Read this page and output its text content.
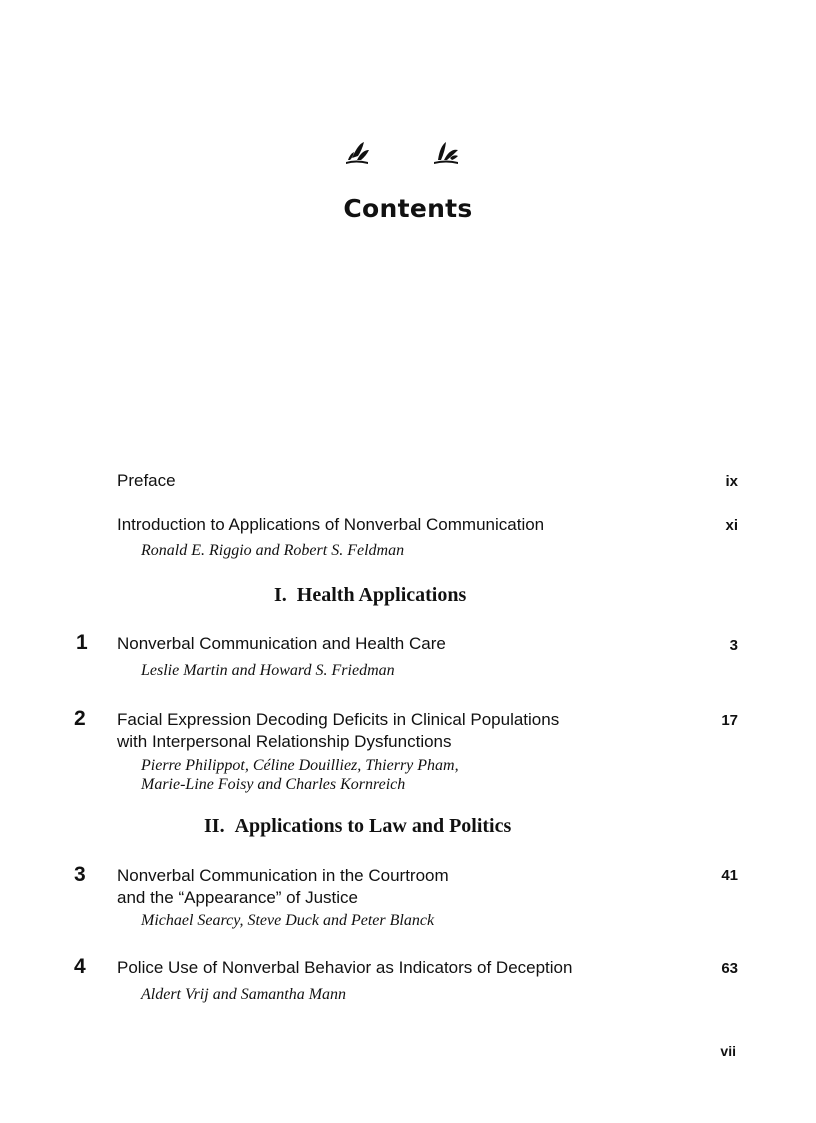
Contents
Preface	ix
Introduction to Applications of Nonverbal Communication
Ronald E. Riggio and Robert S. Feldman
xi
I. Health Applications
1 Nonverbal Communication and Health Care
Leslie Martin and Howard S. Friedman
3
2 Facial Expression Decoding Deficits in Clinical Populations
with Interpersonal Relationship Dysfunctions
Pierre Philippot, Céline Douilliez, Thierry Pham,
Marie-Line Foisy and Charles Kornreich
17
II. Applications to Law and Politics
3 Nonverbal Communication in the Courtroom
and the “Appearance” of Justice
Michael Searcy, Steve Duck and Peter Blanck
41
4 Police Use of Nonverbal Behavior as Indicators of Deception
Aldert Vrij and Samantha Mann
63
vii
